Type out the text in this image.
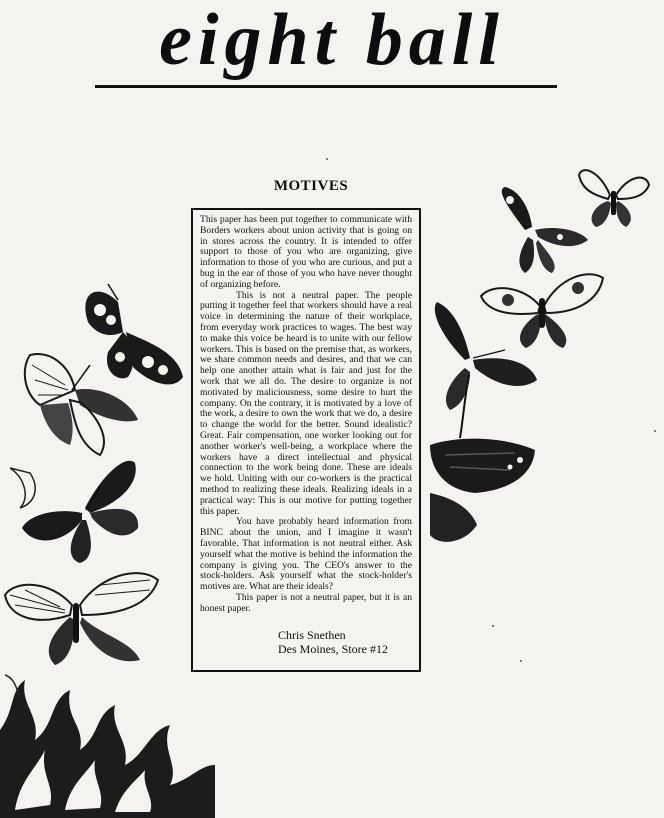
eight ball
MOTIVES

This paper has been put together to communicate with Borders workers about union activity that is going on in stores across the country. It is intended to offer support to those of you who are organizing, give information to those of you who are curious, and put a bug in the ear of those of you who have never thought of organizing before.

This is not a neutral paper. The people putting it together feel that workers should have a real voice in determining the nature of their workplace, from everyday work practices to wages. The best way to make this voice be heard is to unite with our fellow workers. This is based on the premise that, as workers, we share common needs and desires, and that we can help one another attain what is fair and just for the work that we all do. The desire to organize is not motivated by maliciousness, some desire to hurt the company. On the contrary, it is motivated by a love of the work, a desire to own the work that we do, a desire to change the world for the better. Sound idealistic? Great. Fair compensation, one worker looking out for another worker's well-being, a workplace where the workers have a direct intellectual and physical connection to the work being done. These are ideals we hold. Uniting with our co-workers is the practical method to realizing these ideals. Realizing ideals in a practical way: This is our motive for putting together this paper.

You have probably heard information from BINC about the union, and I imagine it wasn't favorable. That information is not neutral either. Ask yourself what the motive is behind the information the company is giving you. The CEO's answer to the stock-holders. Ask yourself what the stock-holder's motives are. What are their ideals?

This paper is not a neutral paper, but it is an honest paper.

Chris Snethen
Des Moines, Store #12
